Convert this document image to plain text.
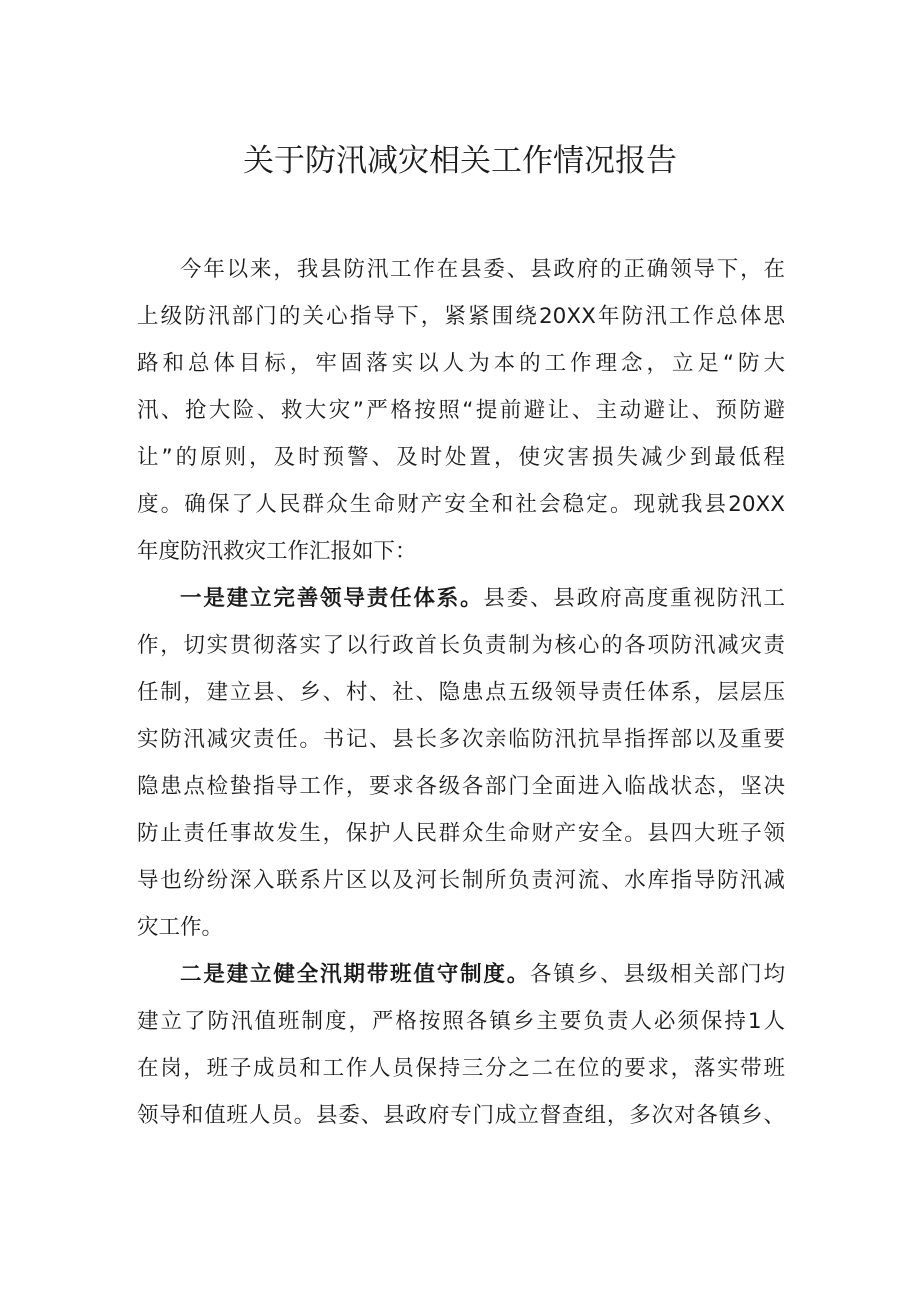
关于防汛减灾相关工作情况报告
今年以来，我县防汛工作在县委、县政府的正确领导下，在
上级防汛部门的关心指导下，紧紧围绕20XX年防汛工作总体思
路和总体目标，牢固落实以人为本的工作理念，立足“防大
汛、抢大险、救大灾”严格按照“提前避让、主动避让、预防避
让”的原则，及时预警、及时处置，使灾害损失减少到最低程
度。确保了人民群众生命财产安全和社会稳定。现就我县20XX
年度防汛救灾工作汇报如下：
一是建立完善领导责任体系。县委、县政府高度重视防汛工
作，切实贯彻落实了以行政首长负责制为核心的各项防汛减灾责
任制，建立县、乡、村、社、隐患点五级领导责任体系，层层压
实防汛减灾责任。书记、县长多次亲临防汛抗旱指挥部以及重要
隐患点检蛰指导工作，要求各级各部门全面进入临战状态，坚决
防止责任事故发生，保护人民群众生命财产安全。县四大班子领
导也纷纷深入联系片区以及河长制所负责河流、水库指导防汛减
灾工作。
二是建立健全汛期带班值守制度。各镇乡、县级相关部门均
建立了防汛值班制度，严格按照各镇乡主要负责人必须保持1人
在岗，班子成员和工作人员保持三分之二在位的要求，落实带班
领导和值班人员。县委、县政府专门成立督查组，多次对各镇乡、
